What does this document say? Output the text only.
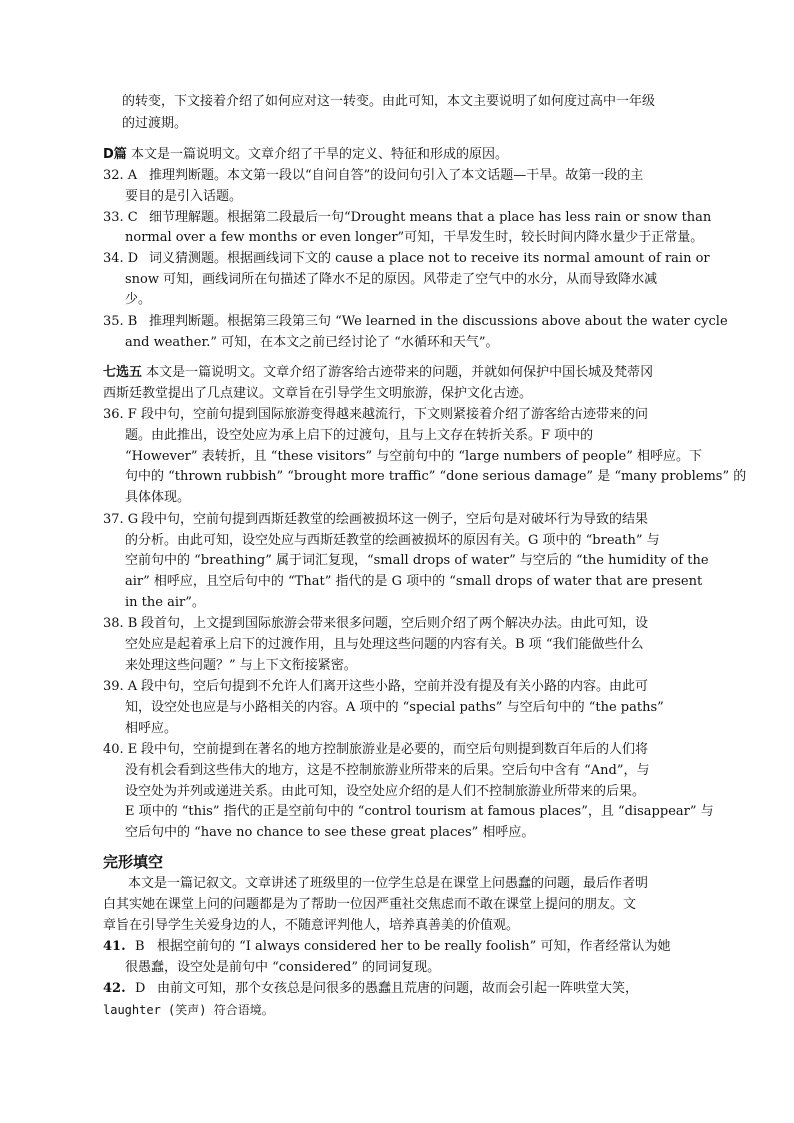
的转变，下文接着介绍了如何应对这一转变。由此可知，本文主要说明了如何度过高中一年级
的过渡期。
D篇 本文是一篇说明文。文章介绍了干旱的定义、特征和形成的原因。
32. A 推理判断题。本文第一段以“自问自答”的设问句引入了本文话题—干旱。故第一段的主
要目的是引入话题。
33. C 细节理解题。根据第二段最后一句“Drought means that a place has less rain or snow than
normal over a few months or even longer”可知，干旱发生时，较长时间内降水量少于正常量。
34. D 词义猜测题。根据画线词下文的 cause a place not to receive its normal amount of rain or
snow 可知，画线词所在句描述了降水不足的原因。风带走了空气中的水分，从而导致降水减
少。
35. B 推理判断题。根据第三段第三句 “We learned in the discussions above about the water cycle
and weather.” 可知，在本文之前已经讨论了 “水循环和天气”。
七选五 本文是一篇说明文。文章介绍了游客给古迹带来的问题，并就如何保护中国长城及梵蒂冈
西斯廷教堂提出了几点建议。文章旨在引导学生文明旅游，保护文化古迹。
36. F 段中句，空前句提到国际旅游变得越来越流行，下文则紧接着介绍了游客给古迹带来的问
题。由此推出，设空处应为承上启下的过渡句，且与上文存在转折关系。F 项中的
“However” 表转折，且 “these visitors” 与空前句中的 “large numbers of people” 相呼应。下
句中的 “thrown rubbish” “brought more traffic” “done serious damage” 是 “many problems” 的
具体体现。
37. G 段中句，空前句提到西斯廷教堂的绘画被损坏这一例子，空后句是对破坏行为导致的结果
的分析。由此可知，设空处应与西斯廷教堂的绘画被损坏的原因有关。G 项中的 “breath” 与
空前句中的 “breathing” 属于词汇复现，“small drops of water” 与空后的 “the humidity of the
air” 相呼应，且空后句中的 “That” 指代的是 G 项中的 “small drops of water that are present
in the air”。
38. B 段首句，上文提到国际旅游会带来很多问题，空后则介绍了两个解决办法。由此可知，设
空处应是起着承上启下的过渡作用，且与处理这些问题的内容有关。B 项 “我们能做些什么
来处理这些问题？” 与上下文衔接紧密。
39. A 段中句，空后句提到不允许人们离开这些小路，空前并没有提及有关小路的内容。由此可
知，设空处也应是与小路相关的内容。A 项中的 “special paths” 与空后句中的 “the paths”
相呼应。
40. E 段中句，空前提到在著名的地方控制旅游业是必要的，而空后句则提到数百年后的人们将
没有机会看到这些伟大的地方，这是不控制旅游业所带来的后果。空后句中含有 “And”，与
设空处为并列或递进关系。由此可知，设空处应介绍的是人们不控制旅游业所带来的后果。
E 项中的 “this” 指代的正是空前句中的 “control tourism at famous places”，且 “disappear” 与
空后句中的 “have no chance to see these great places” 相呼应。
完形填空
本文是一篇记叙文。文章讲述了班级里的一位学生总是在课堂上问愚蠢的问题，最后作者明
白其实她在课堂上问的问题都是为了帮助一位因严重社交焦虑而不敢在课堂上提问的朋友。文
章旨在引导学生关爱身边的人，不随意评判他人，培养真善美的价值观。
41. B 根据空前句的 “I always considered her to be really foolish” 可知，作者经常认为她
很愚蠢，设空处是前句中 “considered” 的同词复现。
42. D 由前文可知，那个女孩总是问很多的愚蠢且荒唐的问题，故而会引起一阵哄堂大笑，
laughter (笑声) 符合语境。
